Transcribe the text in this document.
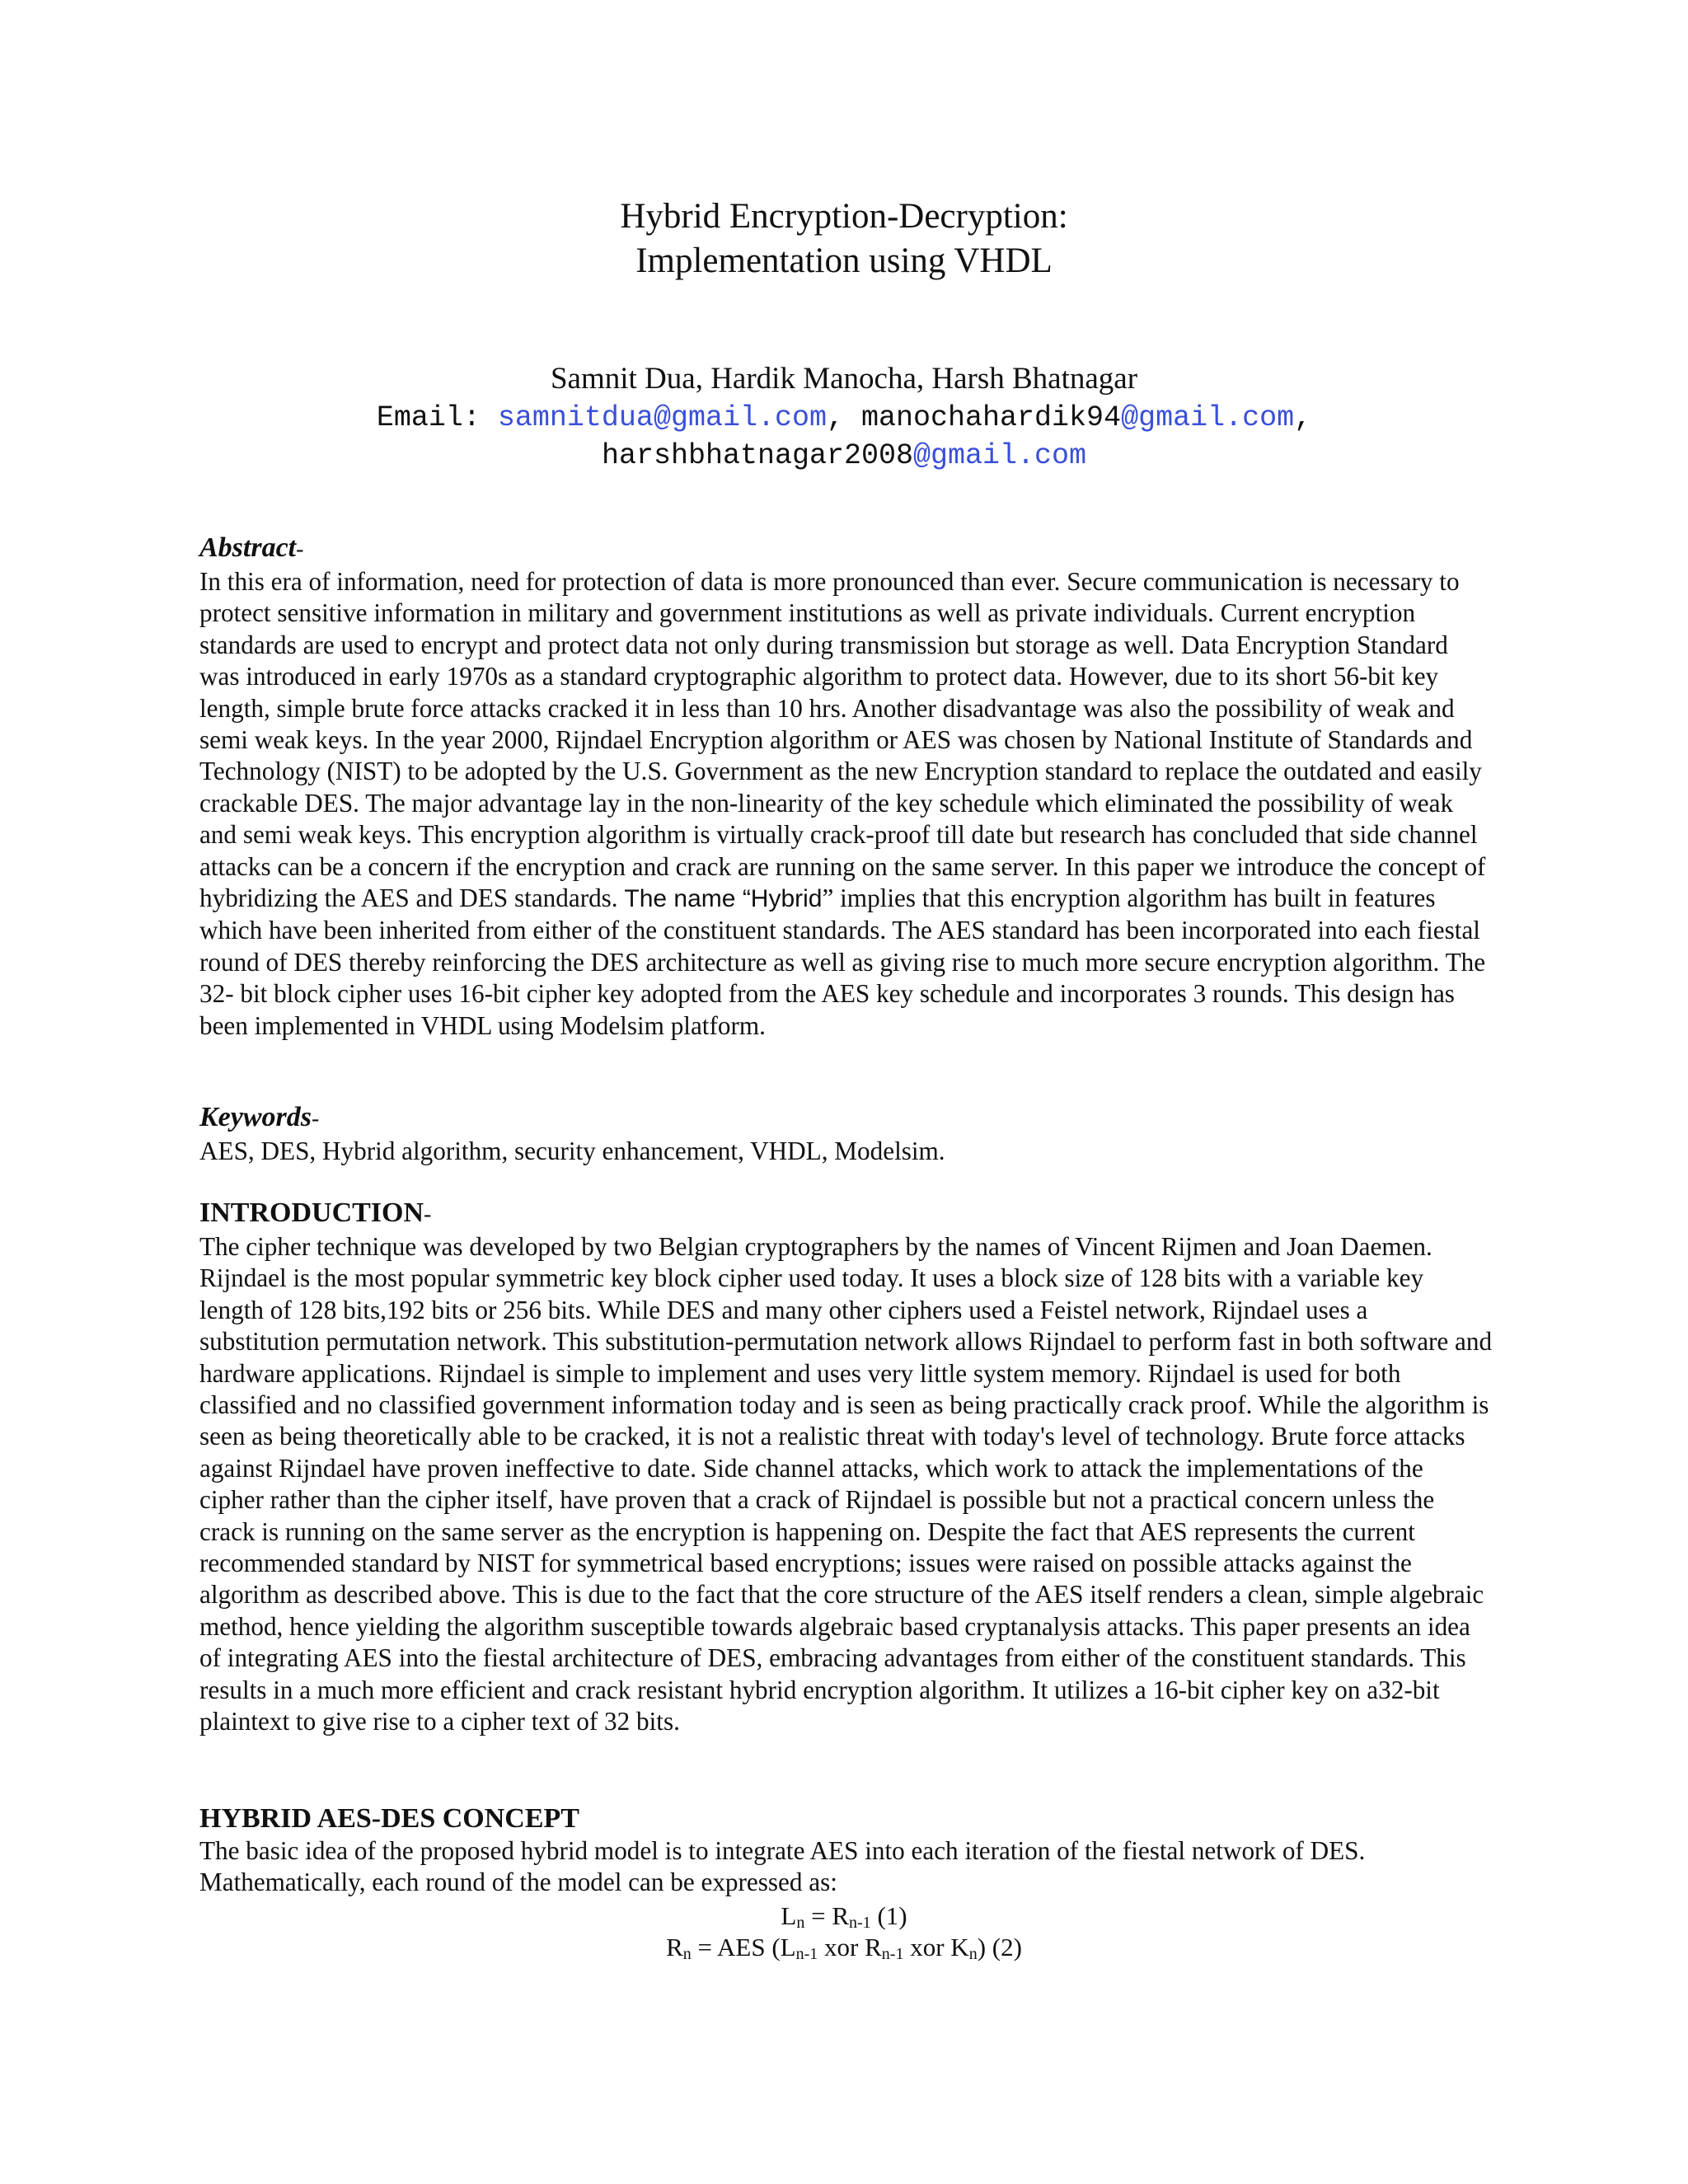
Hybrid Encryption-Decryption:
Implementation using VHDL
Samnit Dua, Hardik Manocha, Harsh Bhatnagar
Email: samnitdua@gmail.com, manochahardik94@gmail.com,
harshbhatnagar2008@gmail.com
Abstract-

In this era of information, need for protection of data is more pronounced than ever. Secure communication is necessary to protect sensitive information in military and government institutions as well as private individuals. Current encryption standards are used to encrypt and protect data not only during transmission but storage as well. Data Encryption Standard was introduced in early 1970s as a standard cryptographic algorithm to protect data. However, due to its short 56-bit key length, simple brute force attacks cracked it in less than 10 hrs. Another disadvantage was also the possibility of weak and semi weak keys. In the year 2000, Rijndael Encryption algorithm or AES was chosen by National Institute of Standards and Technology (NIST) to be adopted by the U.S. Government as the new Encryption standard to replace the outdated and easily crackable DES. The major advantage lay in the non-linearity of the key schedule which eliminated the possibility of weak and semi weak keys. This encryption algorithm is virtually crack-proof till date but research has concluded that side channel attacks can be a concern if the encryption and crack are running on the same server. In this paper we introduce the concept of hybridizing the AES and DES standards. The name “Hybrid” implies that this encryption algorithm has built in features which have been inherited from either of the constituent standards. The AES standard has been incorporated into each fiestal round of DES thereby reinforcing the DES architecture as well as giving rise to much more secure encryption algorithm. The 32- bit block cipher uses 16-bit cipher key adopted from the AES key schedule and incorporates 3 rounds. This design has been implemented in VHDL using Modelsim platform.

Keywords-

AES, DES, Hybrid algorithm, security enhancement, VHDL, Modelsim.

INTRODUCTION-

The cipher technique was developed by two Belgian cryptographers by the names of Vincent Rijmen and Joan Daemen. Rijndael is the most popular symmetric key block cipher used today. It uses a block size of 128 bits with a variable key length of 128 bits,192 bits or 256 bits. While DES and many other ciphers used a Feistel network, Rijndael uses a substitution permutation network. This substitution-permutation network allows Rijndael to perform fast in both software and hardware applications. Rijndael is simple to implement and uses very little system memory. Rijndael is used for both classified and no classified government information today and is seen as being practically crack proof. While the algorithm is seen as being theoretically able to be cracked, it is not a realistic threat with today's level of technology. Brute force attacks against Rijndael have proven ineffective to date. Side channel attacks, which work to attack the implementations of the cipher rather than the cipher itself, have proven that a crack of Rijndael is possible but not a practical concern unless the crack is running on the same server as the encryption is happening on. Despite the fact that AES represents the current recommended standard by NIST for symmetrical based encryptions; issues were raised on possible attacks against the algorithm as described above. This is due to the fact that the core structure of the AES itself renders a clean, simple algebraic method, hence yielding the algorithm susceptible towards algebraic based cryptanalysis attacks. This paper presents an idea of integrating AES into the fiestal architecture of DES, embracing advantages from either of the constituent standards. This results in a much more efficient and crack resistant hybrid encryption algorithm. It utilizes a 16-bit cipher key on a32-bit plaintext to give rise to a cipher text of 32 bits.

HYBRID AES-DES CONCEPT

The basic idea of the proposed hybrid model is to integrate AES into each iteration of the fiestal network of DES. Mathematically, each round of the model can be expressed as:

$L_n = R_{n-1}$ (1)
$R_n$ = AES ($L_{n-1}$ xor $R_{n-1}$ xor $K_n$) (2)
